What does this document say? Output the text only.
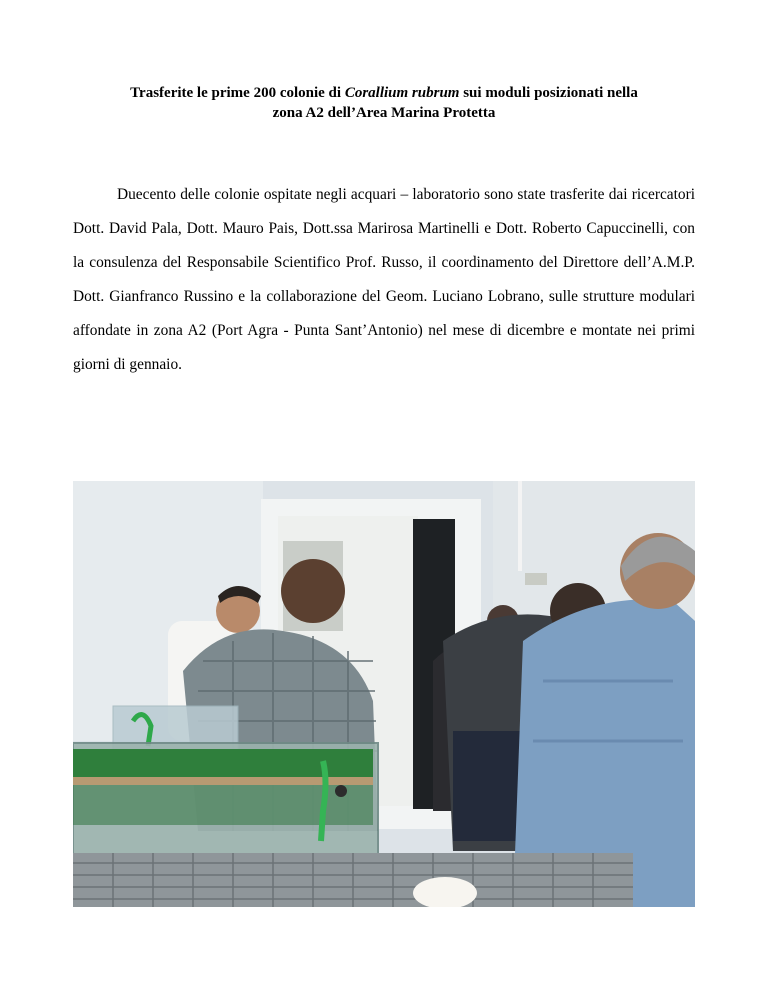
Trasferite le prime 200 colonie di Corallium rubrum sui moduli posizionati nella
zona A2 dell’Area Marina Protetta

Duecento delle colonie ospitate negli acquari – laboratorio sono state trasferite dai ricercatori Dott. David Pala, Dott. Mauro Pais, Dott.ssa Marirosa Martinelli e Dott. Roberto Capuccinelli, con la consulenza del Responsabile Scientifico Prof. Russo, il coordinamento del Direttore dell’A.M.P. Dott. Gianfranco Russino e la collaborazione del Geom. Luciano Lobrano, sulle strutture modulari affondate in zona A2 (Port Agra - Punta Sant’Antonio) nel mese di dicembre e montate nei primi giorni di gennaio.
